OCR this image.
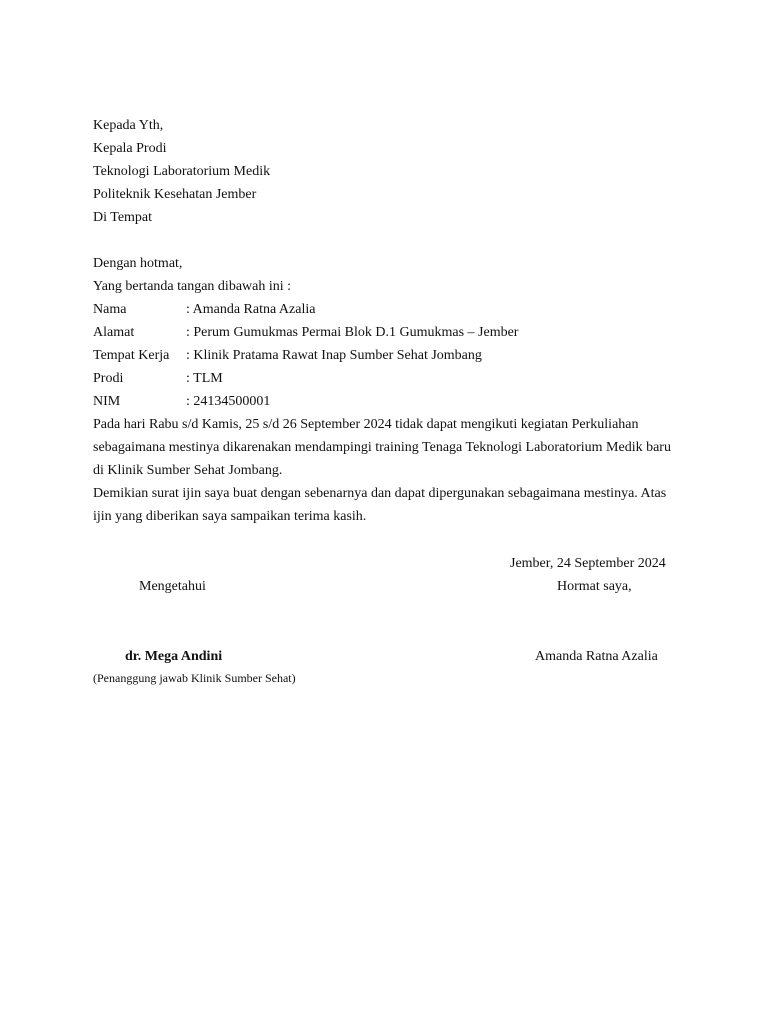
Kepada Yth,
Kepala Prodi
Teknologi Laboratorium Medik
Politeknik Kesehatan Jember
Di Tempat
Dengan hotmat,
Yang bertanda tangan dibawah ini :
Nama	: Amanda Ratna Azalia
Alamat	: Perum Gumukmas Permai Blok D.1 Gumukmas – Jember
Tempat Kerja	: Klinik Pratama Rawat Inap Sumber Sehat Jombang
Prodi	: TLM
NIM	: 24134500001
Pada hari Rabu s/d Kamis, 25 s/d 26 September 2024 tidak dapat mengikuti kegiatan Perkuliahan sebagaimana mestinya dikarenakan mendampingi training Tenaga Teknologi Laboratorium Medik baru di Klinik Sumber Sehat Jombang.
Demikian surat ijin saya buat dengan sebenarnya dan dapat dipergunakan sebagaimana mestinya. Atas ijin yang diberikan saya sampaikan terima kasih.
Jember, 24 September 2024
Mengetahui	Hormat saya,
dr. Mega Andini	Amanda Ratna Azalia
(Penanggung jawab Klinik Sumber Sehat)
